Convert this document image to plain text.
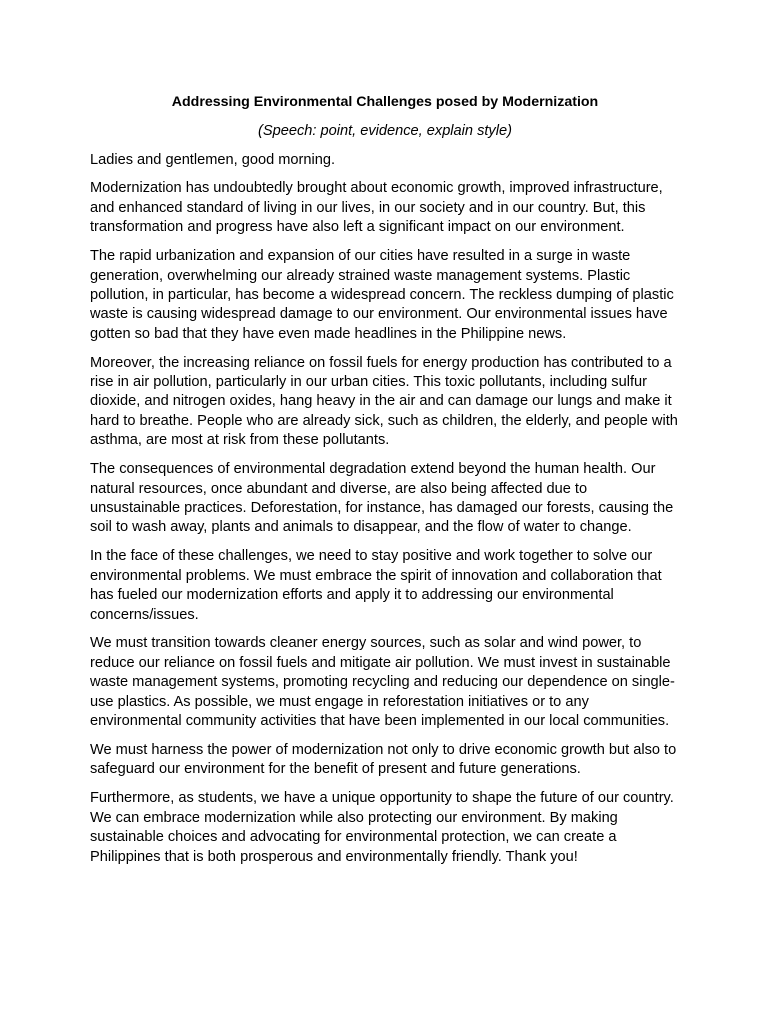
Addressing Environmental Challenges posed by Modernization

(Speech: point, evidence, explain style)

Ladies and gentlemen, good morning.

Modernization has undoubtedly brought about economic growth, improved infrastructure, and enhanced standard of living in our lives, in our society and in our country. But, this transformation and progress have also left a significant impact on our environment.

The rapid urbanization and expansion of our cities have resulted in a surge in waste generation, overwhelming our already strained waste management systems. Plastic pollution, in particular, has become a widespread concern. The reckless dumping of plastic waste is causing widespread damage to our environment. Our environmental issues have gotten so bad that they have even made headlines in the Philippine news.

Moreover, the increasing reliance on fossil fuels for energy production has contributed to a rise in air pollution, particularly in our urban cities. This toxic pollutants, including sulfur dioxide, and nitrogen oxides, hang heavy in the air and can damage our lungs and make it hard to breathe. People who are already sick, such as children, the elderly, and people with asthma, are most at risk from these pollutants.

The consequences of environmental degradation extend beyond the human health. Our natural resources, once abundant and diverse, are also being affected due to unsustainable practices. Deforestation, for instance, has damaged our forests, causing the soil to wash away, plants and animals to disappear, and the flow of water to change.

In the face of these challenges, we need to stay positive and work together to solve our environmental problems. We must embrace the spirit of innovation and collaboration that has fueled our modernization efforts and apply it to addressing our environmental concerns/issues.

We must transition towards cleaner energy sources, such as solar and wind power, to reduce our reliance on fossil fuels and mitigate air pollution. We must invest in sustainable waste management systems, promoting recycling and reducing our dependence on single-use plastics. As possible, we must engage in reforestation initiatives or to any environmental community activities that have been implemented in our local communities.

We must harness the power of modernization not only to drive economic growth but also to safeguard our environment for the benefit of present and future generations.

Furthermore, as students, we have a unique opportunity to shape the future of our country. We can embrace modernization while also protecting our environment. By making sustainable choices and advocating for environmental protection, we can create a Philippines that is both prosperous and environmentally friendly. Thank you!
